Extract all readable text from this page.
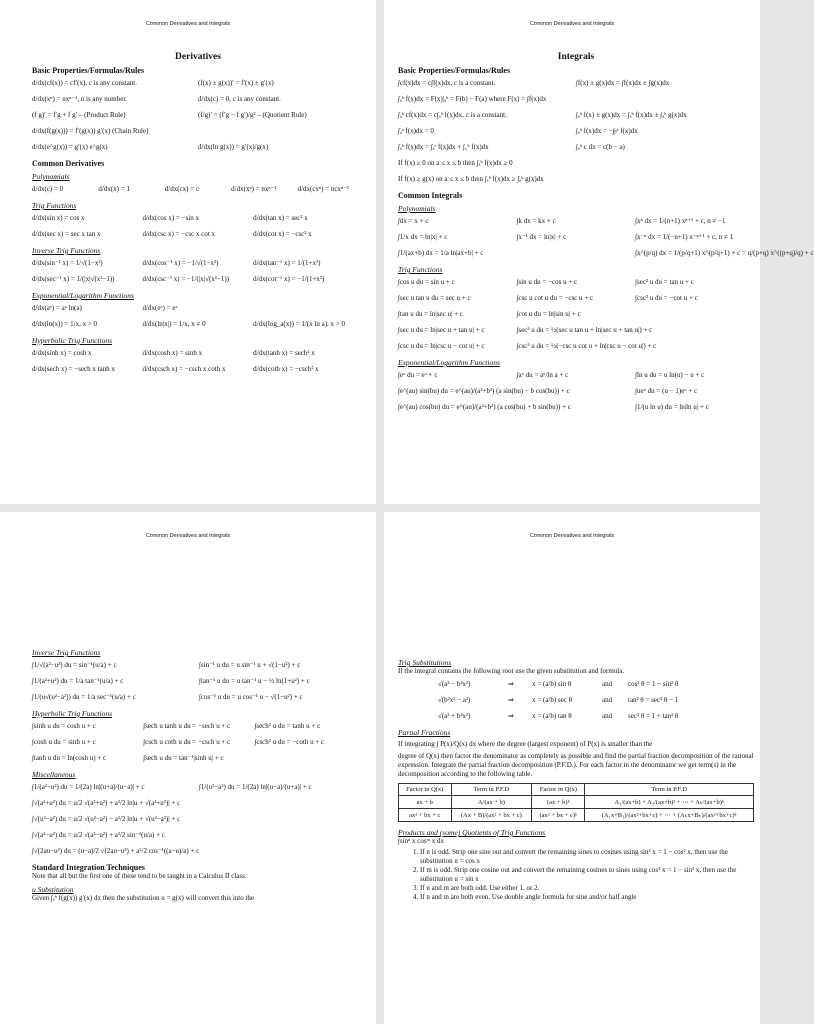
Common Derivatives and Integrals
Derivatives
Basic Properties/Formulas/Rules
d/dx(cf(x)) = cf′(x), c is any constant.	(f(x) ± g(x))′ = f′(x) ± g′(x)
d/dx(xⁿ) = nxⁿ⁻¹, n is any number.	d/dx(c) = 0, c is any constant.
(f g)′ = f′g + f g′ – (Product Rule)	(f/g)′ = (f′g − f g′)/g² – (Quotient Rule)
d/dx(f(g(x))) = f′(g(x)) g′(x) (Chain Rule)
d/dx(e^g(x)) = g′(x) e^g(x)	d/dx(ln g(x)) = g′(x)/g(x)
Common Derivatives
Polynomials
d/dx(c) = 0	d/dx(x) = 1	d/dx(cx) = c	d/dx(xⁿ) = nxⁿ⁻¹	d/dx(cxⁿ) = ncxⁿ⁻¹
Trig Functions
d/dx(sin x) = cos x	d/dx(cos x) = −sin x	d/dx(tan x) = sec² x
d/dx(sec x) = sec x tan x	d/dx(csc x) = −csc x cot x	d/dx(cot x) = −csc² x
Inverse Trig Functions
d/dx(sin⁻¹ x) = 1/√(1−x²)	d/dx(cos⁻¹ x) = −1/√(1−x²)	d/dx(tan⁻¹ x) = 1/(1+x²)
d/dx(sec⁻¹ x) = 1/(|x|√(x²−1))	d/dx(csc⁻¹ x) = −1/(|x|√(x²−1))	d/dx(cot⁻¹ x) = −1/(1+x²)
Exponential/Logarithm Functions
d/dx(aˣ) = aˣ ln(a)	d/dx(eˣ) = eˣ
d/dx(ln(x)) = 1/x, x > 0	d/dx(ln|x|) = 1/x, x ≠ 0	d/dx(log_a(x)) = 1/(x ln a), x > 0
Hyperbolic Trig Functions
d/dx(sinh x) = cosh x	d/dx(cosh x) = sinh x	d/dx(tanh x) = sech² x
d/dx(sech x) = −sech x tanh x	d/dx(csch x) = −csch x coth x	d/dx(coth x) = −csch² x
Common Derivatives and Integrals
Integrals
Basic Properties/Formulas/Rules
∫cf(x)dx = c∫f(x)dx, c is a constant.	∫f(x) ± g(x)dx = ∫f(x)dx ± ∫g(x)dx
∫ₐᵇ f(x)dx = F(x)|ₐᵇ = F(b) − F(a) where F(x) = ∫f(x)dx
∫ₐᵇ cf(x)dx = c∫ₐᵇ f(x)dx, c is a constant.	∫ₐᵇ f(x) ± g(x)dx = ∫ₐᵇ f(x)dx ± ∫ₐᵇ g(x)dx
∫ₐᵃ f(x)dx = 0	∫ₐᵇ f(x)dx = −∫ᵦᵃ f(x)dx
∫ₐᵇ f(x)dx = ∫ₐᶜ f(x)dx + ∫꜀ᵇ f(x)dx	∫ₐᵇ c dx = c(b − a)
If f(x) ≥ 0 on a ≤ x ≤ b then ∫ₐᵇ f(x)dx ≥ 0
If f(x) ≥ g(x) on a ≤ x ≤ b then ∫ₐᵇ f(x)dx ≥ ∫ₐᵇ g(x)dx
Common Integrals
Polynomials
∫dx = x + c	∫k dx = kx + c	∫xⁿ dx = 1/(n+1) xⁿ⁺¹ + c, n ≠ −1
∫1/x dx = ln|x| + c	∫x⁻¹ dx = ln|x| + c	∫x⁻ⁿ dx = 1/(−n+1) x⁻ⁿ⁺¹ + c, n ≠ 1
∫1/(ax+b) dx = 1/a ln|ax+b| + c	∫x^(p/q) dx = 1/(p/q+1) x^(p/q+1) + c = q/(p+q) x^((p+q)/q) + c
Trig Functions
∫cos u du = sin u + c	∫sin u du = −cos u + c	∫sec² u du = tan u + c
∫sec u tan u du = sec u + c	∫csc u cot u du = −csc u + c	∫csc² u du = −cot u + c
∫tan u du = ln|sec u| + c	∫cot u du = ln|sin u| + c
∫sec u du = ln|sec u + tan u| + c	∫sec³ u du = ½(sec u tan u + ln|sec u + tan u|) + c
∫csc u du = ln|csc u − cot u| + c	∫csc³ u du = ½(−csc u cot u + ln|csc u − cot u|) + c
Exponential/Logarithm Functions
∫eᵘ du = eᵘ + c	∫aᵘ du = aᵘ/ln a + c	∫ln u du = u ln(u) − u + c
∫e^(au) sin(bu) du = e^(au)/(a²+b²) (a sin(bu) − b cos(bu)) + c	∫ueᵘ du = (u − 1)eᵘ + c
∫e^(au) cos(bu) du = e^(au)/(a²+b²) (a cos(bu) + b sin(bu)) + c	∫1/(u ln u) du = ln|ln u| + c
Common Derivatives and Integrals
Inverse Trig Functions
∫1/√(a²−u²) du = sin⁻¹(u/a) + c	∫sin⁻¹ u du = u sin⁻¹ u + √(1−u²) + c
∫1/(a²+u²) du = 1/a tan⁻¹(u/a) + c	∫tan⁻¹ u du = u tan⁻¹ u − ½ ln(1+u²) + c
∫1/(u√(u²−a²)) du = 1/a sec⁻¹(u/a) + c	∫cos⁻¹ u du = u cos⁻¹ u − √(1−u²) + c
Hyperbolic Trig Functions
∫sinh u du = cosh u + c	∫sech u tanh u du = −sech u + c	∫sech² u du = tanh u + c
∫cosh u du = sinh u + c	∫csch u coth u du = −csch u + c	∫csch² u du = −coth u + c
∫tanh u du = ln(cosh u) + c	∫sech u du = tan⁻¹|sinh u| + c
Miscellaneous
∫1/(a²−u²) du = 1/(2a) ln|(u+a)/(u−a)| + c	∫1/(u²−a²) du = 1/(2a) ln|(u−a)/(u+a)| + c
∫√(a²+u²) du = u/2 √(a²+u²) + a²/2 ln|u + √(a²+u²)| + c
∫√(u²−a²) du = u/2 √(u²−a²) − a²/2 ln|u + √(u²−a²)| + c
∫√(a²−u²) du = u/2 √(a²−u²) + a²/2 sin⁻¹(u/a) + c
∫√(2au−u²) du = (u−a)/2 √(2au−u²) + a²/2 cos⁻¹((a−u)/a) + c
Standard Integration Techniques
Note that all but the first one of these tend to be taught in a Calculus II class.
u Substitution
Given ∫ₐᵇ f(g(x)) g′(x) dx then the substitution u = g(x) will convert this into the
Common Derivatives and Integrals
Trig Substitutions
If the integral contains the following root use the given substitution and formula.
√(a² − b²x²)	⇒	x = (a/b) sin θ	and	cos² θ = 1 − sin² θ
√(b²x² − a²)	⇒	x = (a/b) sec θ	and	tan² θ = sec² θ − 1
√(a² + b²x²)	⇒	x = (a/b) tan θ	and	sec² θ = 1 + tan² θ
Partial Fractions
If integrating ∫ P(x)/Q(x) dx where the degree (largest exponent) of P(x) is smaller than the
degree of Q(x) then factor the denominator as completely as possible and find the partial fraction decomposition of the rational expression. Integrate the partial fraction decomposition (P.F.D.). For each factor in the denominator we get term(s) in the decomposition according to the following table.
Factor in Q(x)	Term in P.F.D	Factor in Q(x)	Term in P.F.D
ax + b	A/(ax + b)	(ax + b)ᵏ	A₁/(ax+b) + A₂/(ax+b)² + ⋯ + Aₖ/(ax+b)ᵏ
ax² + bx + c	(Ax + B)/(ax² + bx + c)	(ax² + bx + c)ᵏ	(A₁x+B₁)/(ax²+bx+c) + ⋯ + (Aₖx+Bₖ)/(ax²+bx+c)ᵏ
Products and (some) Quotients of Trig Functions
∫sinⁿ x cosᵐ x dx
1. If n is odd. Strip one sine out and convert the remaining sines to cosines using sin² x = 1 − cos² x, then use the substitution u = cos x
2. If m is odd. Strip one cosine out and convert the remaining cosines to sines using cos² x = 1 − sin² x, then use the substitution u = sin x
3. If n and m are both odd. Use either 1. or 2.
4. If n and m are both even. Use double angle formula for sine and/or half angle
